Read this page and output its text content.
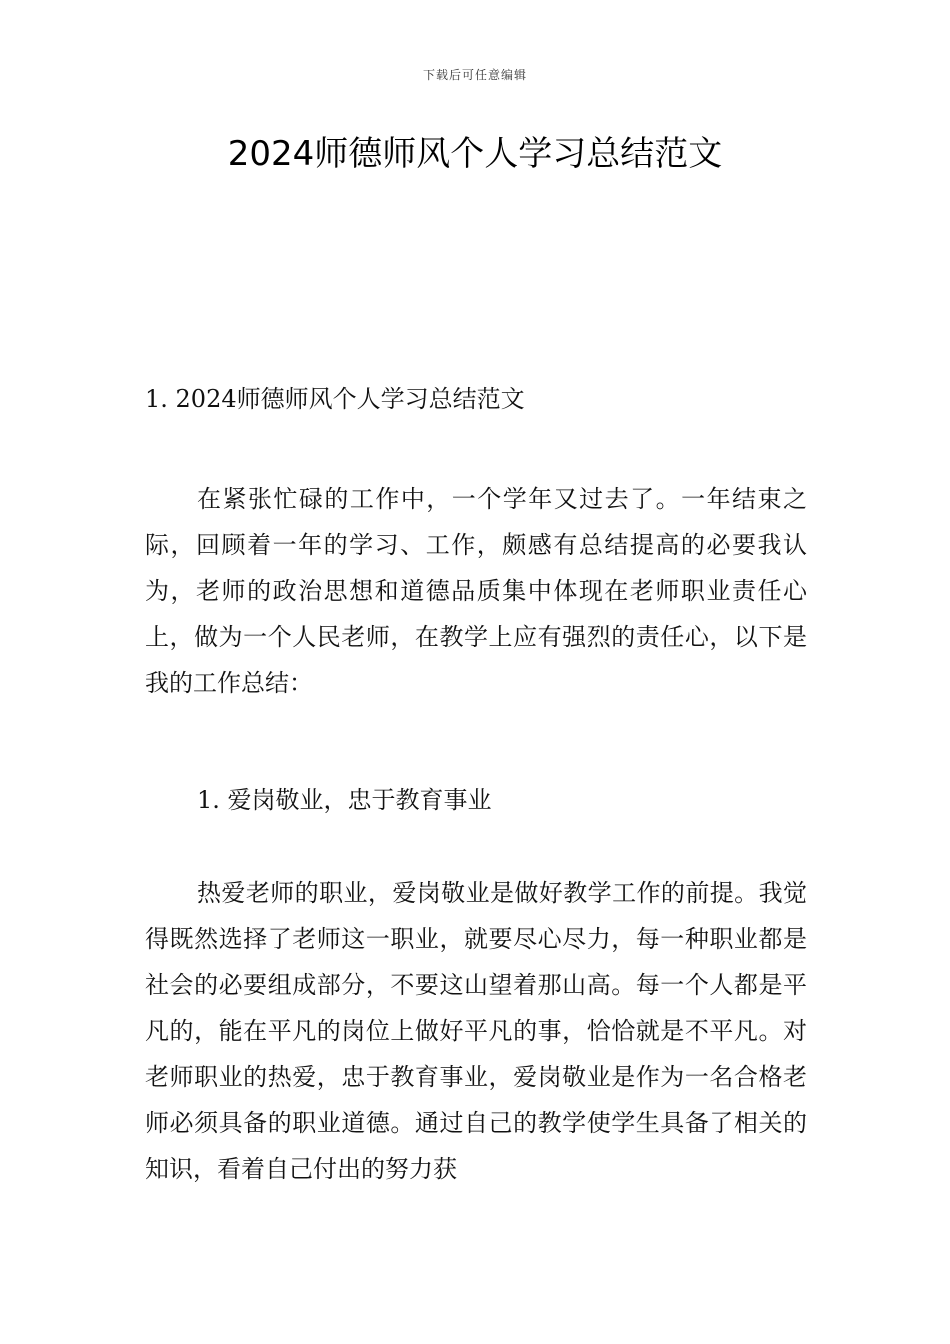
下载后可任意编辑
2024师德师风个人学习总结范文

1. 2024师德师风个人学习总结范文

在紧张忙碌的工作中，一个学年又过去了。一年结束之际，回顾着一年的学习、工作，颇感有总结提高的必要我认为，老师的政治思想和道德品质集中体现在老师职业责任心上，做为一个人民老师，在教学上应有强烈的责任心，以下是我的工作总结：

1. 爱岗敬业，忠于教育事业

热爱老师的职业，爱岗敬业是做好教学工作的前提。我觉得既然选择了老师这一职业，就要尽心尽力，每一种职业都是社会的必要组成部分，不要这山望着那山高。每一个人都是平凡的，能在平凡的岗位上做好平凡的事，恰恰就是不平凡。对老师职业的热爱，忠于教育事业，爱岗敬业是作为一名合格老师必须具备的职业道德。通过自己的教学使学生具备了相关的知识，看着自己付出的努力获
